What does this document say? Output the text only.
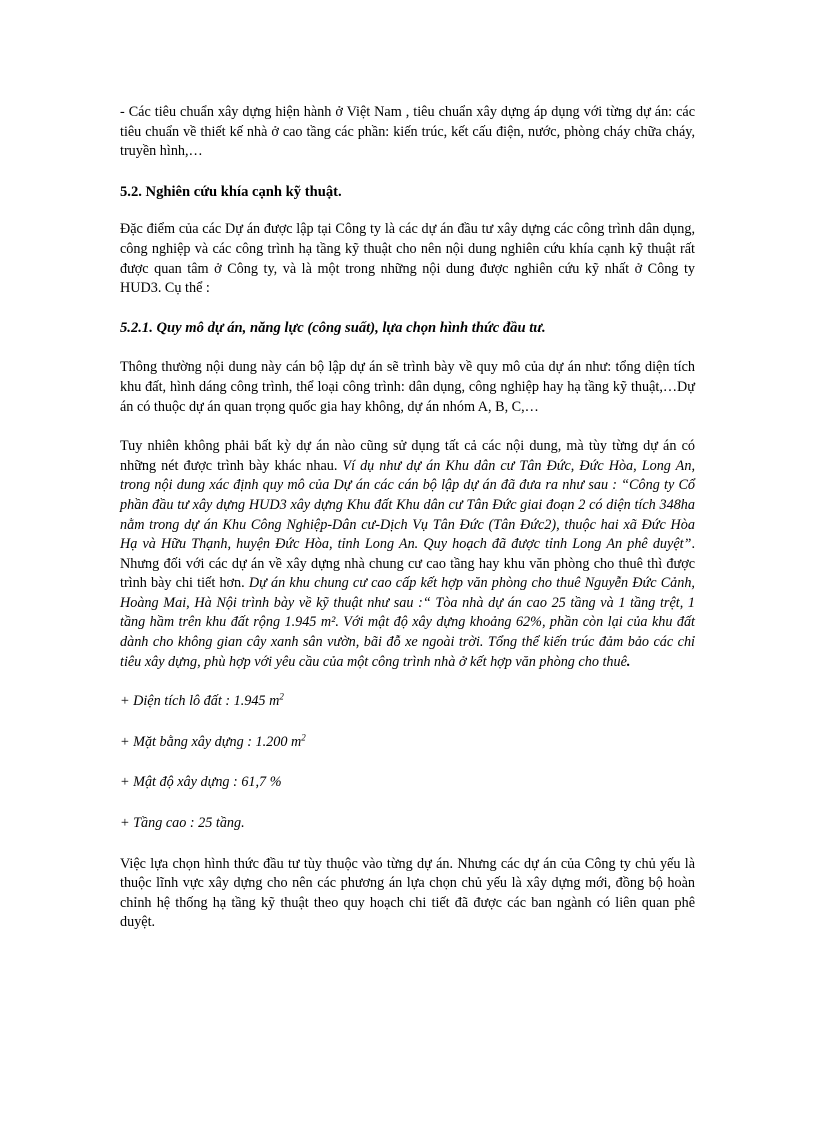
- Các tiêu chuẩn xây dựng hiện hành ở Việt Nam , tiêu chuẩn xây dựng áp dụng với từng dự án: các tiêu chuẩn về thiết kế nhà ở cao tầng các phần: kiến trúc, kết cấu điện, nước, phòng cháy chữa cháy, truyền hình,…

5.2. Nghiên cứu khía cạnh kỹ thuật.

Đặc điểm của các Dự án được lập tại Công ty là các dự án đầu tư xây dựng các công trình dân dụng, công nghiệp và các công trình hạ tầng kỹ thuật cho nên nội dung nghiên cứu khía cạnh kỹ thuật rất được quan tâm ở Công ty, và là một trong những nội dung được nghiên cứu kỹ nhất ở Công ty HUD3. Cụ thể :

5.2.1. Quy mô dự án, năng lực (công suất), lựa chọn hình thức đầu tư.

Thông thường nội dung này cán bộ lập dự án sẽ trình bày về quy mô của dự án như: tổng diện tích khu đất, hình dáng công trình, thể loại công trình: dân dụng, công nghiệp hay hạ tầng kỹ thuật,…Dự án có thuộc dự án quan trọng quốc gia hay không, dự án nhóm A, B, C,…

Tuy nhiên không phải bất kỳ dự án nào cũng sử dụng tất cả các nội dung, mà tùy từng dự án có những nét được trình bày khác nhau. Ví dụ như dự án Khu dân cư Tân Đức, Đức Hòa, Long An, trong nội dung xác định quy mô của Dự án các cán bộ lập dự án đã đưa ra như sau : “Công ty Cổ phần đầu tư xây dựng HUD3 xây dựng Khu đất Khu dân cư Tân Đức giai đoạn 2 có diện tích 348ha nằm trong dự án Khu Công Nghiệp-Dân cư-Dịch Vụ Tân Đức (Tân Đức2), thuộc hai xã Đức Hòa Hạ và Hữu Thạnh, huyện Đức Hòa, tỉnh Long An. Quy hoạch đã được tỉnh Long An phê duyệt”. Nhưng đối với các dự án về xây dựng nhà chung cư cao tầng hay khu văn phòng cho thuê thì được trình bày chi tiết hơn. Dự án khu chung cư cao cấp kết hợp văn phòng cho thuê Nguyễn Đức Cảnh, Hoàng Mai, Hà Nội trình bày về kỹ thuật như sau :“ Tòa nhà dự án cao 25 tầng và 1 tầng trệt, 1 tầng hầm trên khu đất rộng 1.945 m². Với mật độ xây dựng khoảng 62%, phần còn lại của khu đất dành cho không gian cây xanh sân vườn, bãi đỗ xe ngoài trời. Tổng thể kiến trúc đảm bảo các chỉ tiêu xây dựng, phù hợp với yêu cầu của một công trình nhà ở kết hợp văn phòng cho thuê.

+ Diện tích lô đất : 1.945 $m^2$

+ Mặt bằng xây dựng : 1.200 $m^2$

+ Mật độ xây dựng : 61,7 %

+ Tầng cao : 25 tầng.

Việc lựa chọn hình thức đầu tư tùy thuộc vào từng dự án. Nhưng các dự án của Công ty chủ yếu là thuộc lĩnh vực xây dựng cho nên các phương án lựa chọn chủ yếu là xây dựng mới, đồng bộ hoàn chỉnh hệ thống hạ tầng kỹ thuật theo quy hoạch chi tiết đã được các ban ngành có liên quan phê duyệt.
